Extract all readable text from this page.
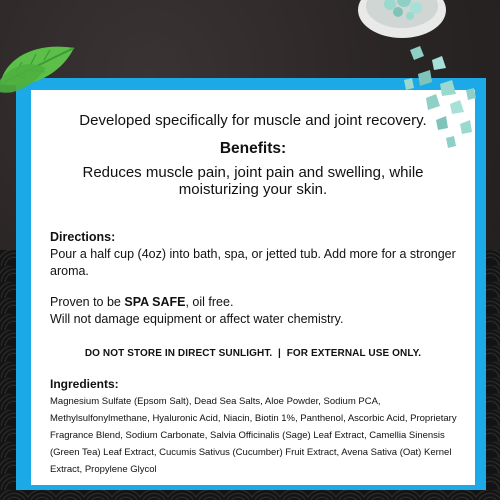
Developed specifically for muscle and joint recovery.
Benefits:
Reduces muscle pain, joint pain and swelling, while moisturizing your skin.
Directions:
Pour a half cup (4oz) into bath, spa, or jetted tub. Add more for a stronger aroma.
Proven to be SPA SAFE, oil free.
Will not damage equipment or affect water chemistry.
DO NOT STORE IN DIRECT SUNLIGHT.  |  FOR EXTERNAL USE ONLY.
Ingredients:
Magnesium Sulfate (Epsom Salt), Dead Sea Salts, Aloe Powder, Sodium PCA, Methylsulfonylmethane, Hyaluronic Acid, Niacin, Biotin 1%, Panthenol, Ascorbic Acid, Proprietary Fragrance Blend, Sodium Carbonate, Salvia Officinalis (Sage) Leaf Extract, Camellia Sinensis (Green Tea) Leaf Extract, Cucumis Sativus (Cucumber) Fruit Extract, Avena Sativa (Oat) Kernel Extract, Propylene Glycol
